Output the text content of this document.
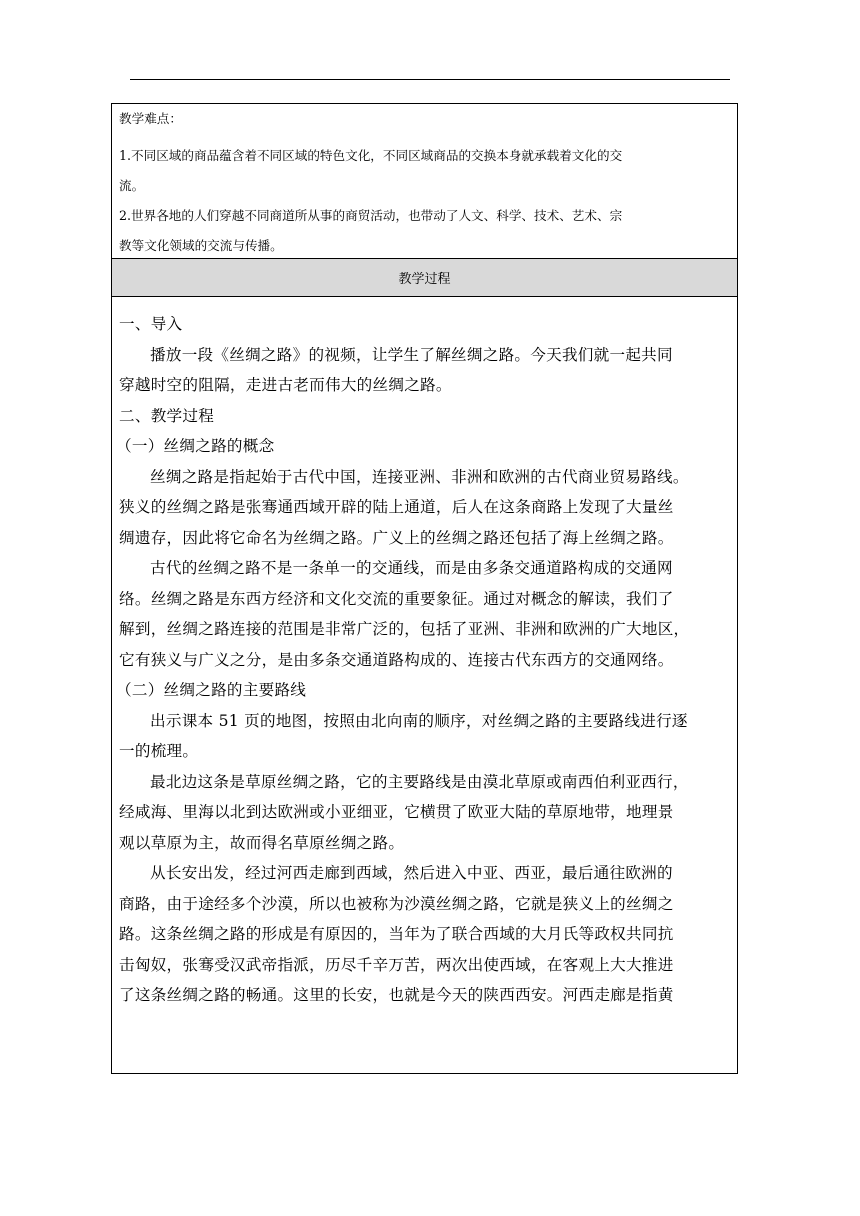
教学难点：
1.不同区域的商品蕴含着不同区域的特色文化，不同区域商品的交换本身就承载着文化的交
流。
2.世界各地的人们穿越不同商道所从事的商贸活动，也带动了人文、科学、技术、艺术、宗
教等文化领域的交流与传播。
教学过程
一、导入
播放一段《丝绸之路》的视频，让学生了解丝绸之路。今天我们就一起共同
穿越时空的阻隔，走进古老而伟大的丝绸之路。
二、教学过程
（一）丝绸之路的概念
丝绸之路是指起始于古代中国，连接亚洲、非洲和欧洲的古代商业贸易路线。
狭义的丝绸之路是张骞通西域开辟的陆上通道，后人在这条商路上发现了大量丝
绸遗存，因此将它命名为丝绸之路。广义上的丝绸之路还包括了海上丝绸之路。
古代的丝绸之路不是一条单一的交通线，而是由多条交通道路构成的交通网
络。丝绸之路是东西方经济和文化交流的重要象征。通过对概念的解读，我们了
解到，丝绸之路连接的范围是非常广泛的，包括了亚洲、非洲和欧洲的广大地区，
它有狭义与广义之分，是由多条交通道路构成的、连接古代东西方的交通网络。
（二）丝绸之路的主要路线
出示课本 51 页的地图，按照由北向南的顺序，对丝绸之路的主要路线进行逐
一的梳理。
最北边这条是草原丝绸之路，它的主要路线是由漠北草原或南西伯利亚西行，
经咸海、里海以北到达欧洲或小亚细亚，它横贯了欧亚大陆的草原地带，地理景
观以草原为主，故而得名草原丝绸之路。
从长安出发，经过河西走廊到西域，然后进入中亚、西亚，最后通往欧洲的
商路，由于途经多个沙漠，所以也被称为沙漠丝绸之路，它就是狭义上的丝绸之
路。这条丝绸之路的形成是有原因的，当年为了联合西域的大月氏等政权共同抗
击匈奴，张骞受汉武帝指派，历尽千辛万苦，两次出使西域，在客观上大大推进
了这条丝绸之路的畅通。这里的长安，也就是今天的陕西西安。河西走廊是指黄
